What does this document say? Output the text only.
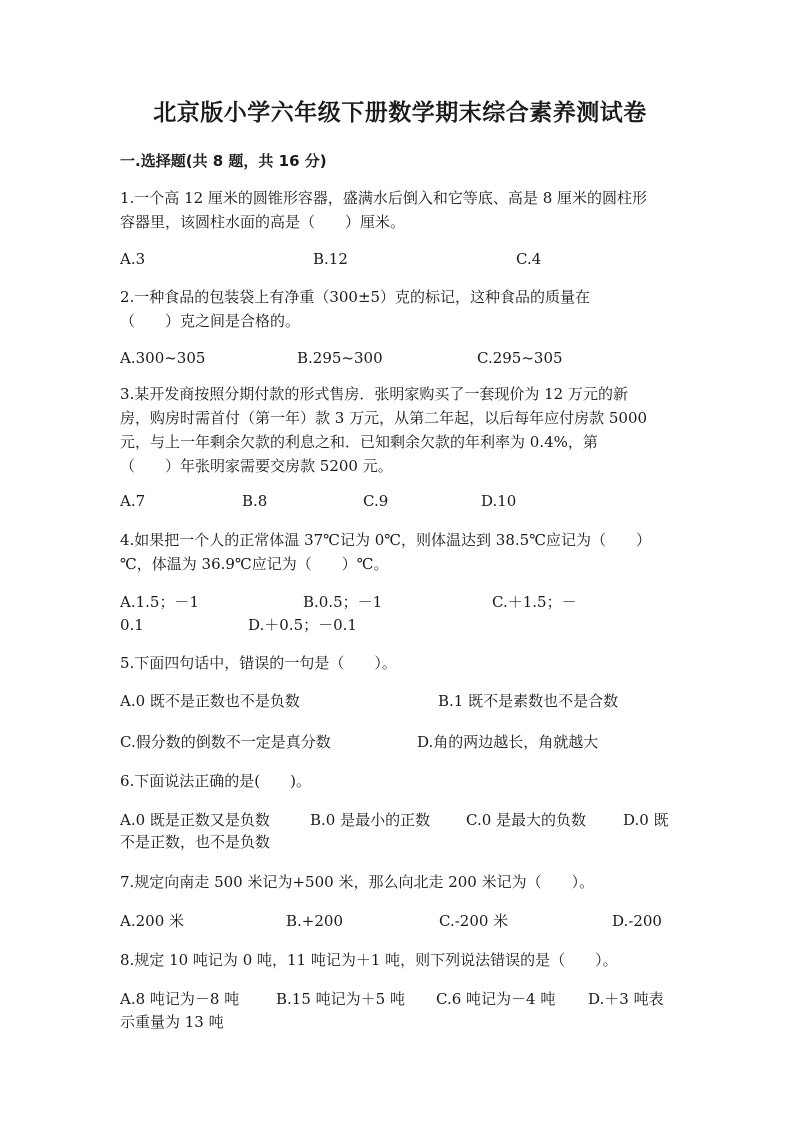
北京版小学六年级下册数学期末综合素养测试卷
一.选择题(共 8 题，共 16 分)
1.一个高 12 厘米的圆锥形容器，盛满水后倒入和它等底、高是 8 厘米的圆柱形
容器里，该圆柱水面的高是（　　）厘米。
A.3	B.12	C.4
2.一种食品的包装袋上有净重（300±5）克的标记，这种食品的质量在
（　　）克之间是合格的。
A.300~305	B.295~300	C.295~305
3.某开发商按照分期付款的形式售房．张明家购买了一套现价为 12 万元的新
房，购房时需首付（第一年）款 3 万元，从第二年起，以后每年应付房款 5000
元，与上一年剩余欠款的利息之和．已知剩余欠款的年利率为 0.4%，第
（　　）年张明家需要交房款 5200 元。
A.7	B.8	C.9	D.10
4.如果把一个人的正常体温 37℃记为 0℃，则体温达到 38.5℃应记为（　　）
℃，体温为 36.9℃应记为（　　）℃。
A.1.5；－1	B.0.5；－1	C.＋1.5；－
0.1	D.＋0.5；－0.1
5.下面四句话中，错误的一句是（　　）。
A.0 既不是正数也不是负数	B.1 既不是素数也不是合数
C.假分数的倒数不一定是真分数	D.角的两边越长，角就越大
6.下面说法正确的是(　　)。
A.0 既是正数又是负数	B.0 是最小的正数 C.0 是最大的负数 D.0 既
不是正数，也不是负数
7.规定向南走 500 米记为+500 米，那么向北走 200 米记为（　　）。
A.200 米	B.+200	C.-200 米	D.-200
8.规定 10 吨记为 0 吨，11 吨记为＋1 吨，则下列说法错误的是（　　）。
A.8 吨记为－8 吨 B.15 吨记为＋5 吨 C.6 吨记为－4 吨 D.＋3 吨表
示重量为 13 吨
